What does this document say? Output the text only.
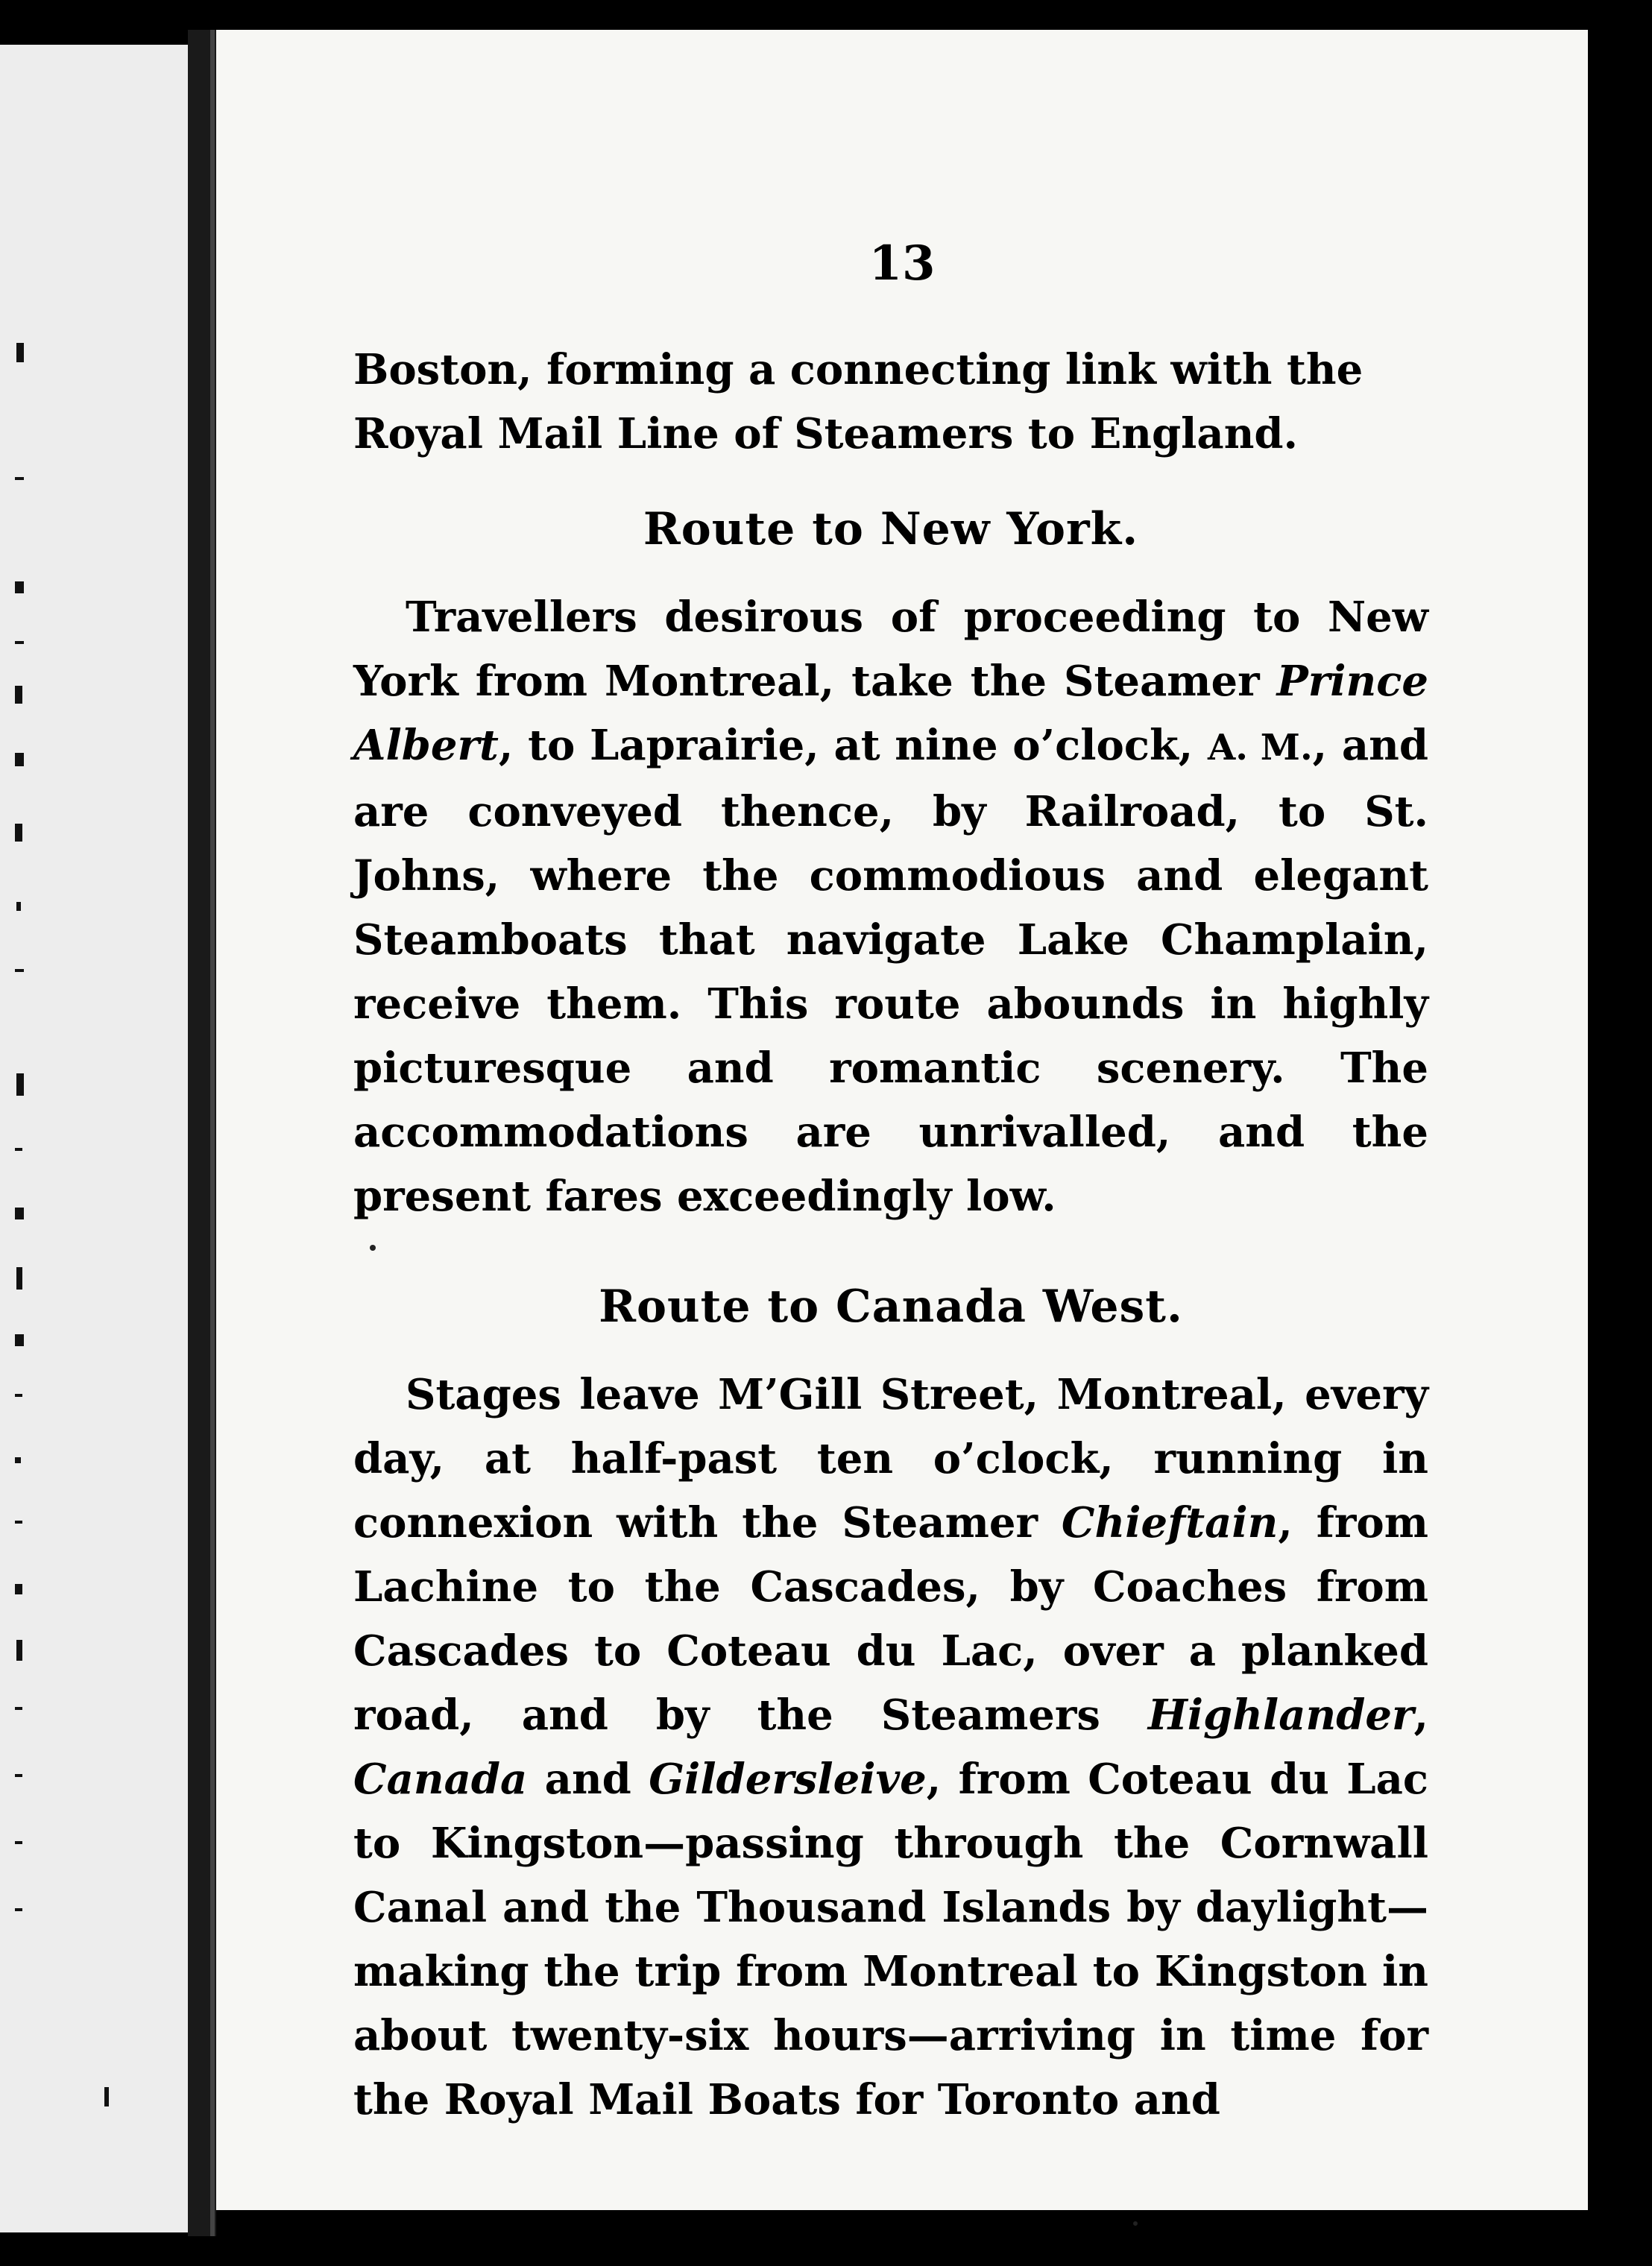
13

Boston, forming a connecting link with the Royal Mail Line of Steamers to England.

Route to New York.

Travellers desirous of proceeding to New York from Montreal, take the Steamer Prince Albert, to Laprairie, at nine o’clock, A. M., and are conveyed thence, by Railroad, to St. Johns, where the commodious and elegant Steamboats that navigate Lake Champlain, receive them. This route abounds in highly picturesque and romantic scenery. The accommodations are unrivalled, and the present fares exceedingly low.

Route to Canada West.

Stages leave M’Gill Street, Montreal, every day, at half-past ten o’clock, running in connexion with the Steamer Chieftain, from Lachine to the Cascades, by Coaches from Cascades to Coteau du Lac, over a planked road, and by the Steamers Highlander, Canada and Gildersleive, from Coteau du Lac to Kingston—passing through the Cornwall Canal and the Thousand Islands by daylight—making the trip from Montreal to Kingston in about twenty-six hours—arriving in time for the Royal Mail Boats for Toronto and
